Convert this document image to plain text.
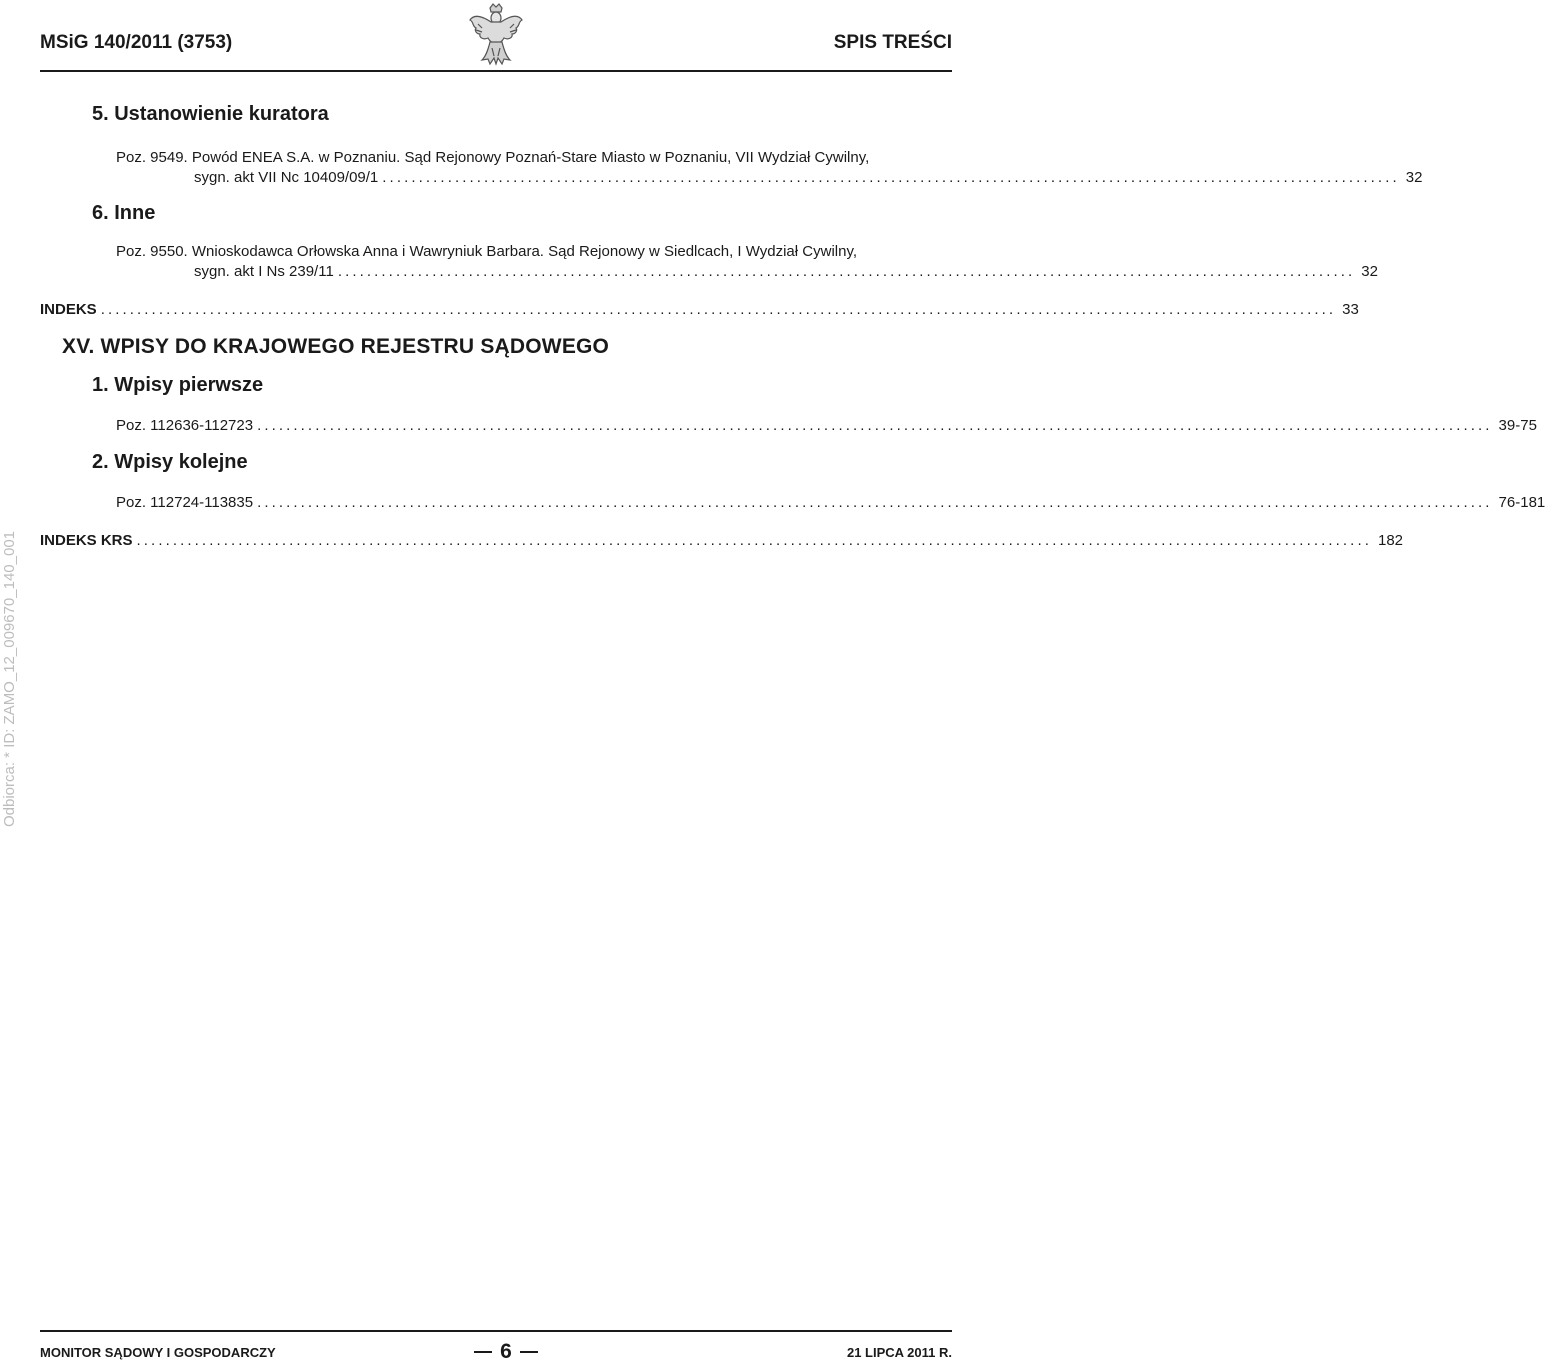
MSiG 140/2011 (3753)	SPIS TREŚCI
5. Ustanowienie kuratora
Poz. 9549. Powód ENEA S.A. w Poznaniu. Sąd Rejonowy Poznań-Stare Miasto w Poznaniu, VII Wydział Cywilny,
sygn. akt VII Nc 10409/09/1 ............................................................................................................................................ 32
6. Inne
Poz. 9550. Wnioskodawca Orłowska Anna i Wawryniuk Barbara. Sąd Rejonowy w Siedlcach, I Wydział Cywilny,
sygn. akt I Ns 239/11 ............................................................................................................................................ 32
INDEKS .......................................................................................................................................................................... 33
XV. WPISY DO KRAJOWEGO REJESTRU SĄDOWEGO
1. Wpisy pierwsze
Poz. 112636-112723 .......................................................................................................................................................................... 39-75
2. Wpisy kolejne
Poz. 112724-113835 .......................................................................................................................................................................... 76-181
INDEKS KRS .......................................................................................................................................................................... 182
Odbiorca: * ID: ZAMO_12_009670_140_001
MONITOR SĄDOWY I GOSPODARCZY	6	21 LIPCA 2011 R.
